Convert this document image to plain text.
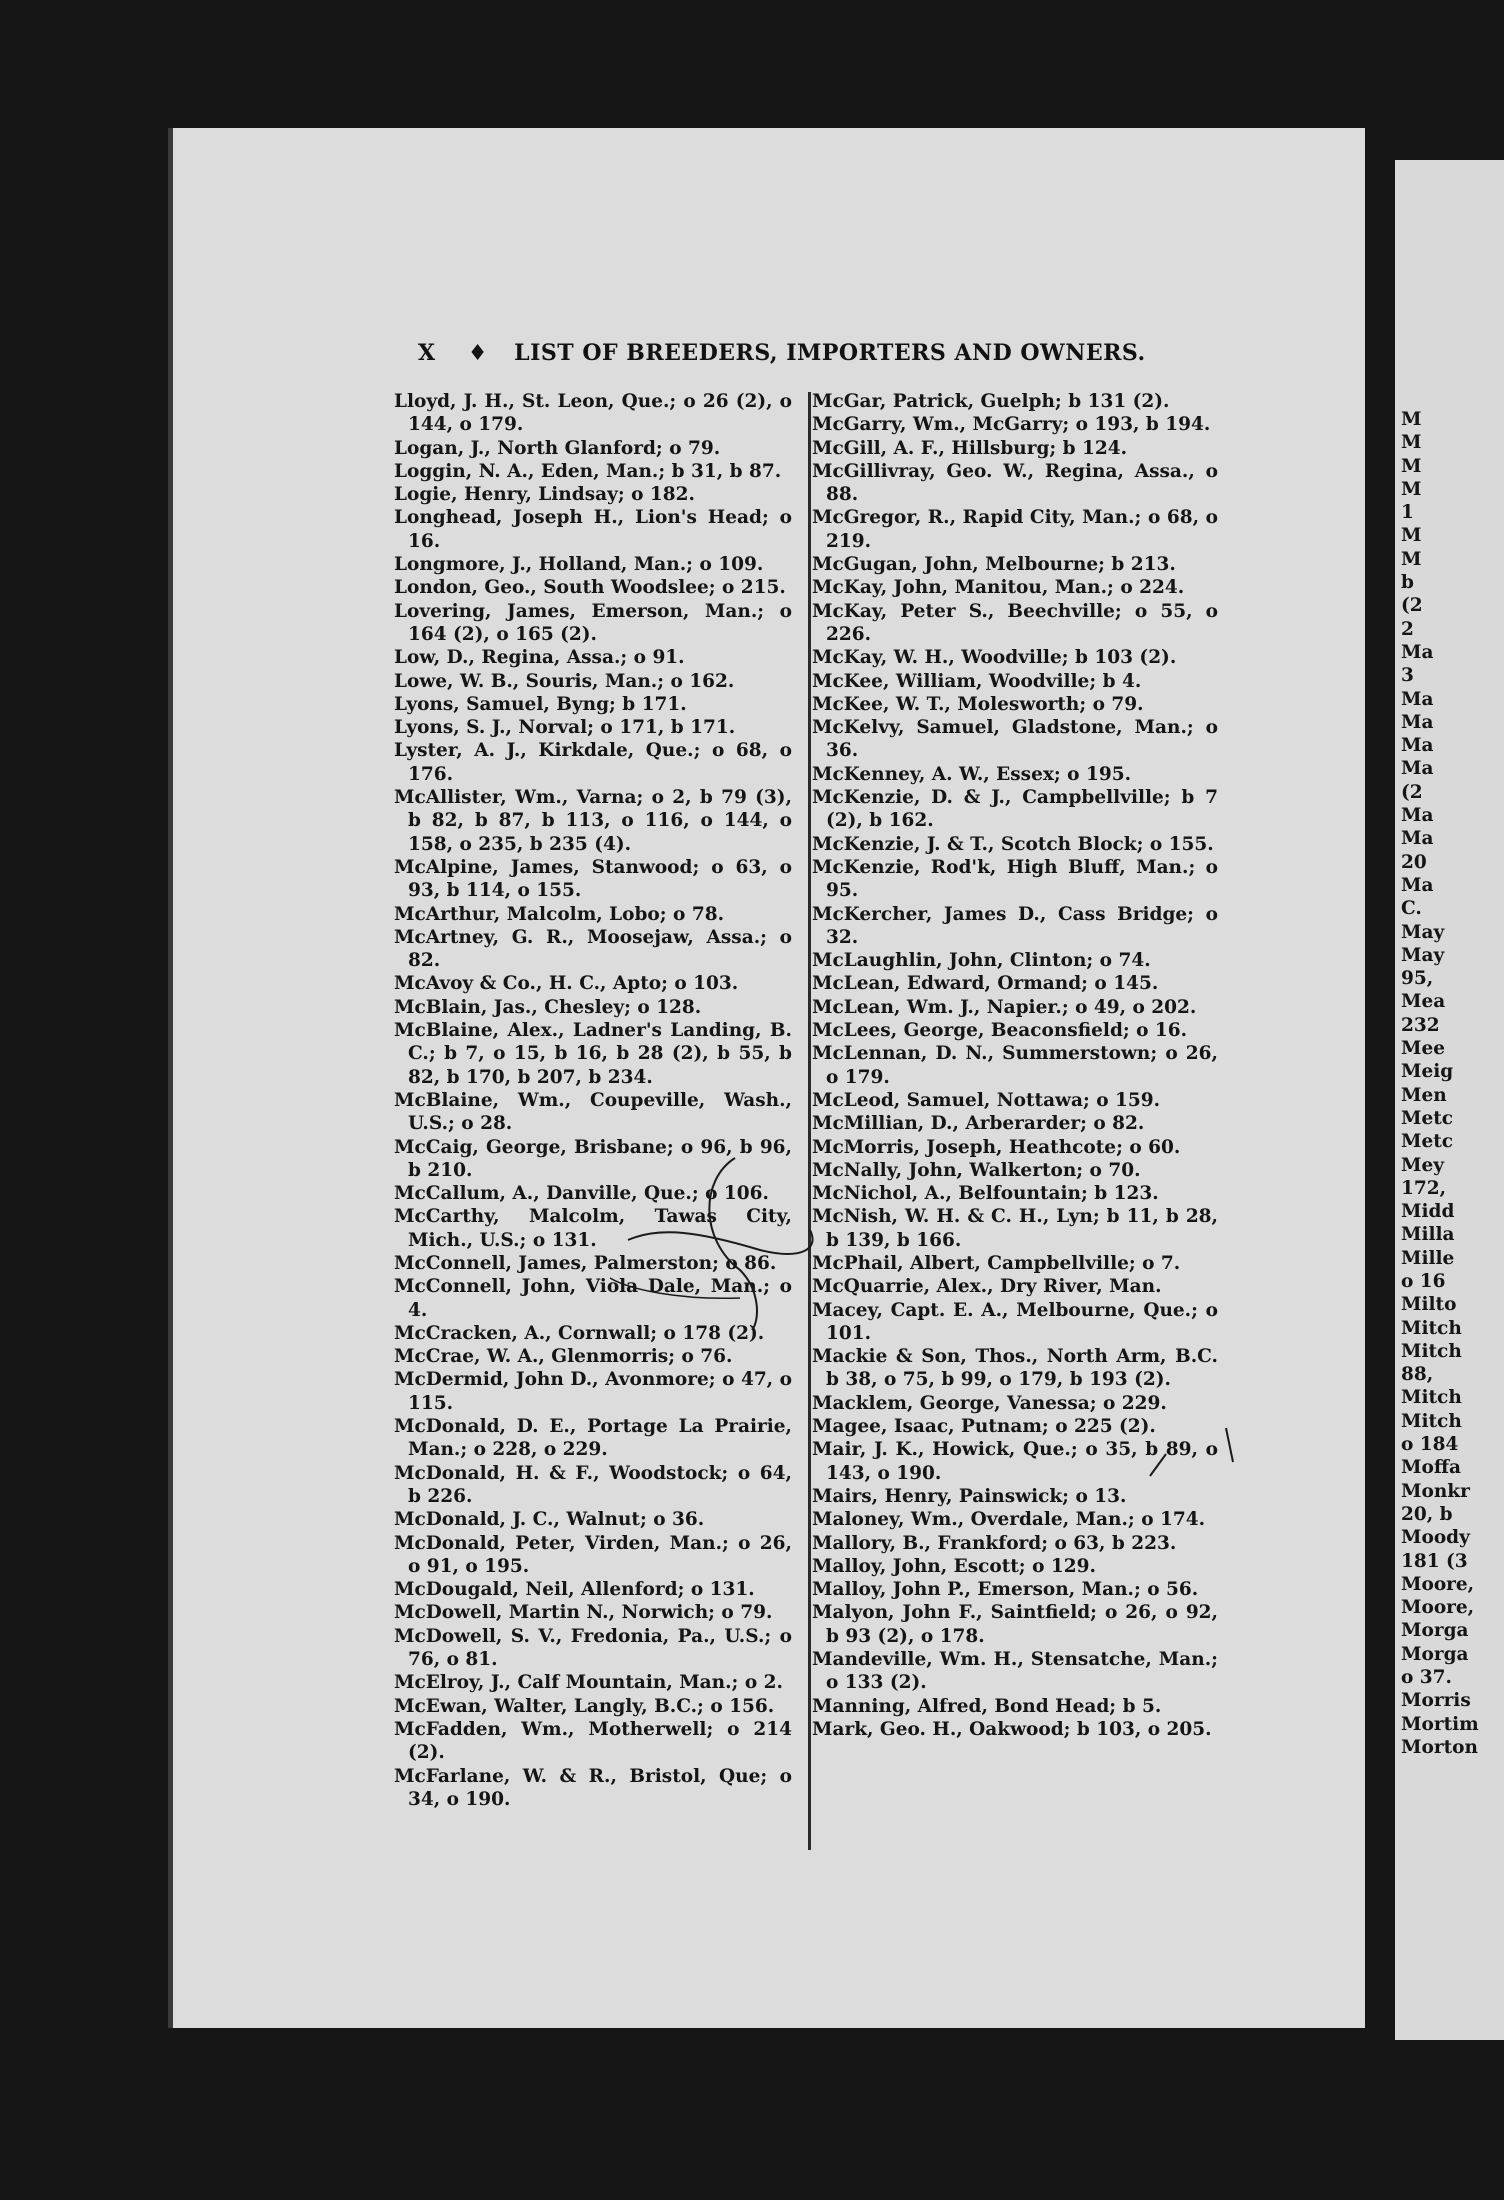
M
M
M
M
1
M
M
b
(2
2
Ma
3
Ma
Ma
Ma
Ma
(2
Ma
Ma
20
Ma
C.
May
May
95,
Mea
232
Mee
Meig
Men
Metc
Metc
Mey
172,
Midd
Milla
Mille
o 16
Milto
Mitch
Mitch
88,
Mitch
Mitch
o 184
Moffa
Monkr
20, b
Moody
181 (3
Moore,
Moore,
Morga
Morga
o 37.
Morris
Mortim
Morton
X ♦ LIST OF BREEDERS, IMPORTERS AND OWNERS.
Lloyd, J. H., St. Leon, Que.; o 26 (2), o 144, o 179.
Logan, J., North Glanford; o 79.
Loggin, N. A., Eden, Man.; b 31, b 87.
Logie, Henry, Lindsay; o 182.
Longhead, Joseph H., Lion's Head; o 16.
Longmore, J., Holland, Man.; o 109.
London, Geo., South Woodslee; o 215.
Lovering, James, Emerson, Man.; o 164 (2), o 165 (2).
Low, D., Regina, Assa.; o 91.
Lowe, W. B., Souris, Man.; o 162.
Lyons, Samuel, Byng; b 171.
Lyons, S. J., Norval; o 171, b 171.
Lyster, A. J., Kirkdale, Que.; o 68, o 176.
McAllister, Wm., Varna; o 2, b 79 (3), b 82, b 87, b 113, o 116, o 144, o 158, o 235, b 235 (4).
McAlpine, James, Stanwood; o 63, o 93, b 114, o 155.
McArthur, Malcolm, Lobo; o 78.
McArtney, G. R., Moosejaw, Assa.; o 82.
McAvoy & Co., H. C., Apto; o 103.
McBlain, Jas., Chesley; o 128.
McBlaine, Alex., Ladner's Landing, B. C.; b 7, o 15, b 16, b 28 (2), b 55, b 82, b 170, b 207, b 234.
McBlaine, Wm., Coupeville, Wash., U.S.; o 28.
McCaig, George, Brisbane; o 96, b 96, b 210.
McCallum, A., Danville, Que.; o 106.
McCarthy, Malcolm, Tawas City, Mich., U.S.; o 131.
McConnell, James, Palmerston; o 86.
McConnell, John, Viola Dale, Man.; o 4.
McCracken, A., Cornwall; o 178 (2).
McCrae, W. A., Glenmorris; o 76.
McDermid, John D., Avonmore; o 47, o 115.
McDonald, D. E., Portage La Prairie, Man.; o 228, o 229.
McDonald, H. & F., Woodstock; o 64, b 226.
McDonald, J. C., Walnut; o 36.
McDonald, Peter, Virden, Man.; o 26, o 91, o 195.
McDougald, Neil, Allenford; o 131.
McDowell, Martin N., Norwich; o 79.
McDowell, S. V., Fredonia, Pa., U.S.; o 76, o 81.
McElroy, J., Calf Mountain, Man.; o 2.
McEwan, Walter, Langly, B.C.; o 156.
McFadden, Wm., Motherwell; o 214 (2).
McFarlane, W. & R., Bristol, Que; o 34, o 190.
McGar, Patrick, Guelph; b 131 (2).
McGarry, Wm., McGarry; o 193, b 194.
McGill, A. F., Hillsburg; b 124.
McGillivray, Geo. W., Regina, Assa., o 88.
McGregor, R., Rapid City, Man.; o 68, o 219.
McGugan, John, Melbourne; b 213.
McKay, John, Manitou, Man.; o 224.
McKay, Peter S., Beechville; o 55, o 226.
McKay, W. H., Woodville; b 103 (2).
McKee, William, Woodville; b 4.
McKee, W. T., Molesworth; o 79.
McKelvy, Samuel, Gladstone, Man.; o 36.
McKenney, A. W., Essex; o 195.
McKenzie, D. & J., Campbellville; b 7 (2), b 162.
McKenzie, J. & T., Scotch Block; o 155.
McKenzie, Rod'k, High Bluff, Man.; o 95.
McKercher, James D., Cass Bridge; o 32.
McLaughlin, John, Clinton; o 74.
McLean, Edward, Ormand; o 145.
McLean, Wm. J., Napier.; o 49, o 202.
McLees, George, Beaconsfield; o 16.
McLennan, D. N., Summerstown; o 26, o 179.
McLeod, Samuel, Nottawa; o 159.
McMillian, D., Arberarder; o 82.
McMorris, Joseph, Heathcote; o 60.
McNally, John, Walkerton; o 70.
McNichol, A., Belfountain; b 123.
McNish, W. H. & C. H., Lyn; b 11, b 28, b 139, b 166.
McPhail, Albert, Campbellville; o 7.
McQuarrie, Alex., Dry River, Man.
Macey, Capt. E. A., Melbourne, Que.; o 101.
Mackie & Son, Thos., North Arm, B.C. b 38, o 75, b 99, o 179, b 193 (2).
Macklem, George, Vanessa; o 229.
Magee, Isaac, Putnam; o 225 (2).
Mair, J. K., Howick, Que.; o 35, b 89, o 143, o 190.
Mairs, Henry, Painswick; o 13.
Maloney, Wm., Overdale, Man.; o 174.
Mallory, B., Frankford; o 63, b 223.
Malloy, John, Escott; o 129.
Malloy, John P., Emerson, Man.; o 56.
Malyon, John F., Saintfield; o 26, o 92, b 93 (2), o 178.
Mandeville, Wm. H., Stensatche, Man.; o 133 (2).
Manning, Alfred, Bond Head; b 5.
Mark, Geo. H., Oakwood; b 103, o 205.
